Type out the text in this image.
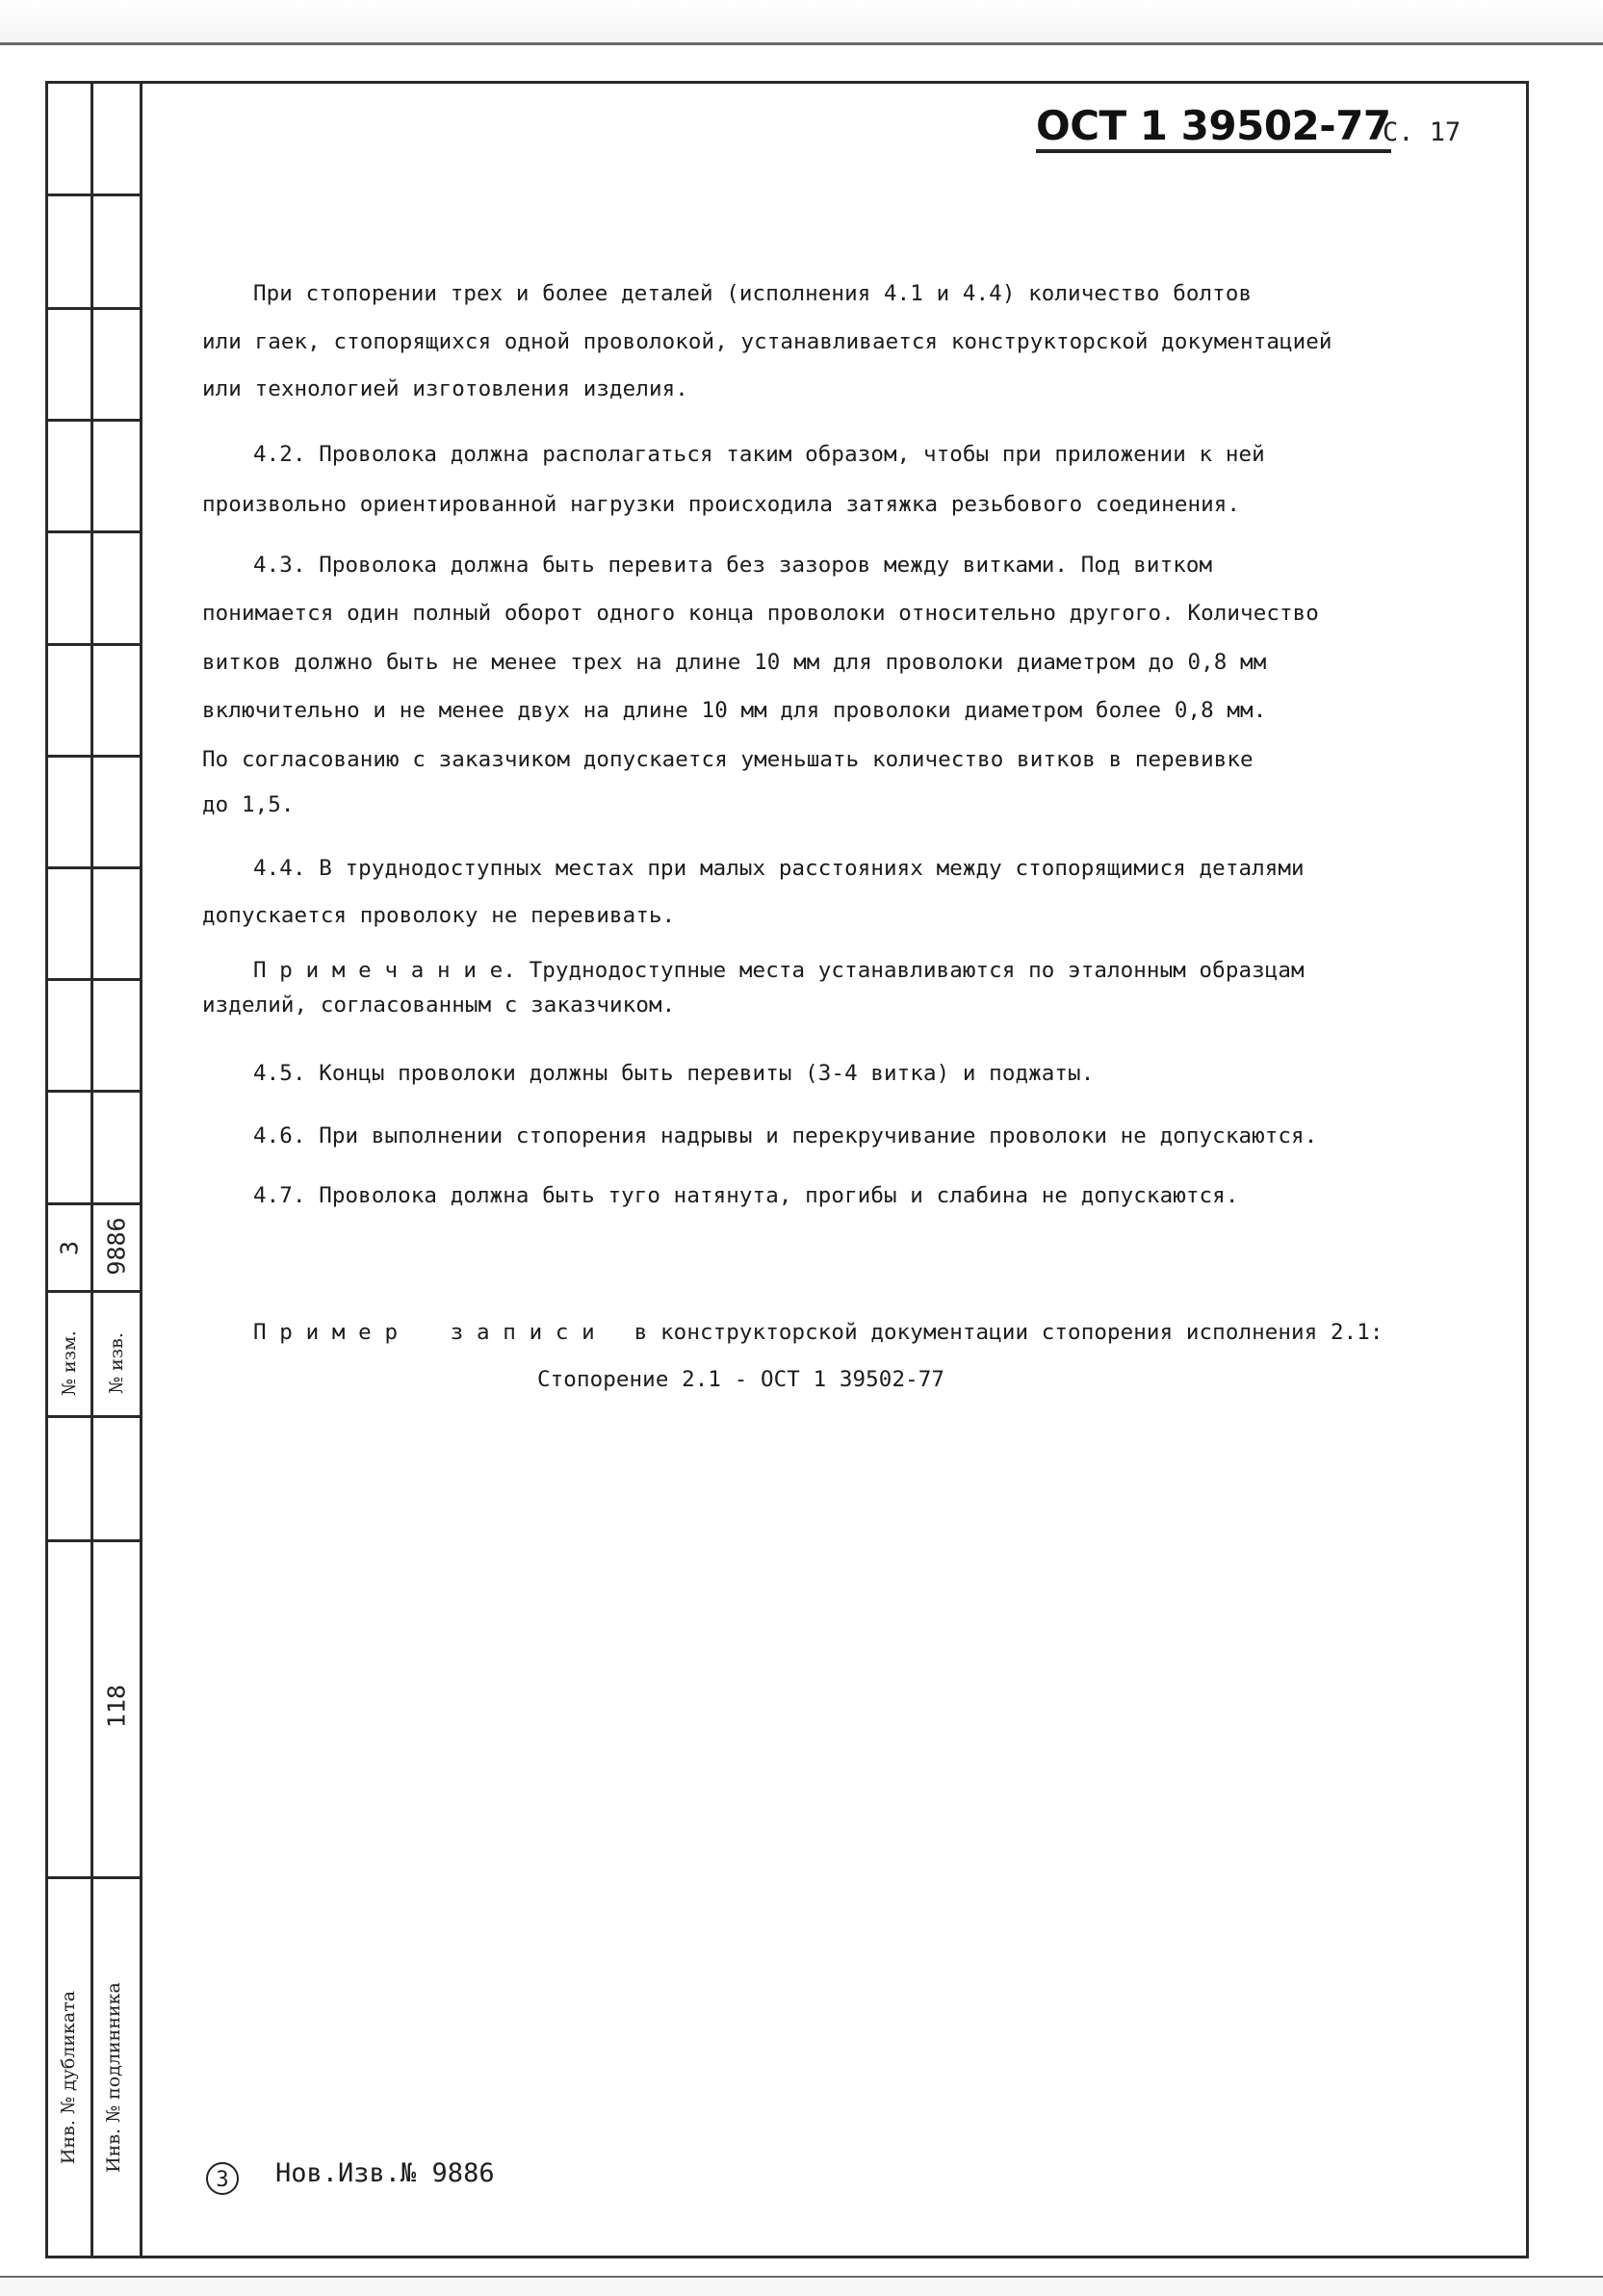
№ изм.
3
№ изв.
9886
118
Инв. № дубликата Инв. № подлинника
ОСТ 1 39502-77
С. 17
При стопорении трех и более деталей (исполнения 4.1 и 4.4) количество болтов
или гаек, стопорящихся одной проволокой, устанавливается конструкторской документацией
или технологией изготовления изделия.
4.2. Проволока должна располагаться таким образом, чтобы при приложении к ней
произвольно ориентированной нагрузки происходила затяжка резьбового соединения.
4.3. Проволока должна быть перевита без зазоров между витками. Под витком
понимается один полный оборот одного конца проволоки относительно другого. Количество
витков должно быть не менее трех на длине 10 мм для проволоки диаметром до 0,8 мм
включительно и не менее двух на длине 10 мм для проволоки диаметром более 0,8 мм.
По согласованию с заказчиком допускается уменьшать количество витков в перевивке
до 1,5.
4.4. В труднодоступных местах при малых расстояниях между стопорящимися деталями
допускается проволоку не перевивать.
П р и м е ч а н и е. Труднодоступные места устанавливаются по эталонным образцам
изделий, согласованным с заказчиком.
4.5. Концы проволоки должны быть перевиты (3-4 витка) и поджаты.
4.6. При выполнении стопорения надрывы и перекручивание проволоки не допускаются.
4.7. Проволока должна быть туго натянута, прогибы и слабина не допускаются.
П р и м е р    з а п и с и   в конструкторской документации стопорения исполнения 2.1:
Стопорение 2.1 - ОСТ 1 39502-77
3	Нов.Изв.№ 9886
